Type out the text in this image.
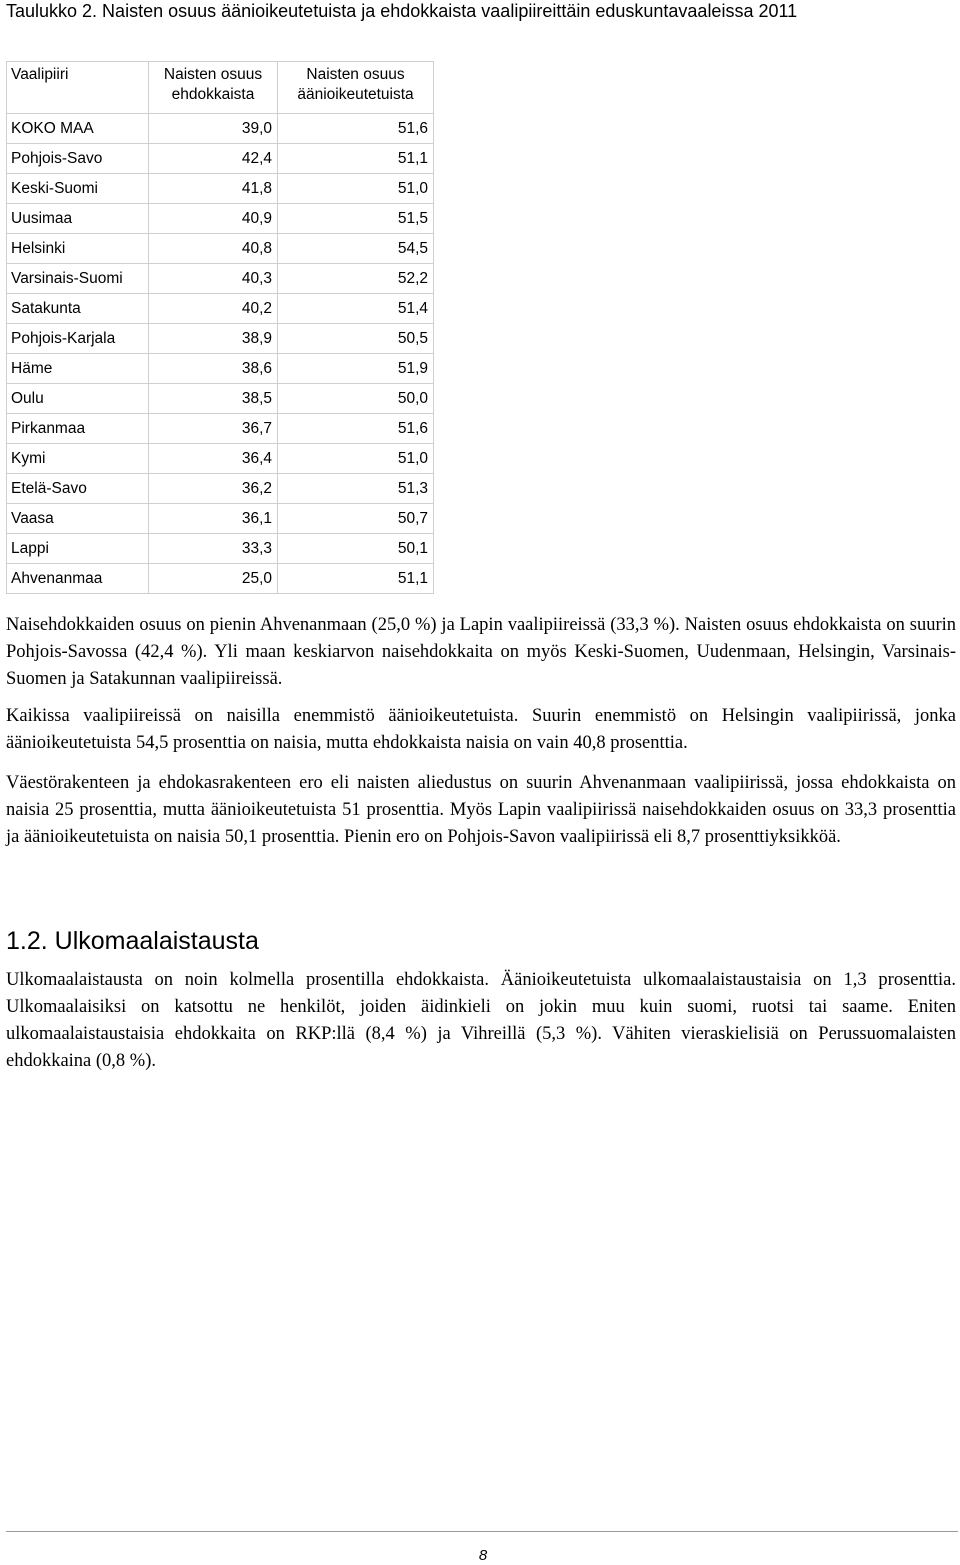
Taulukko 2. Naisten osuus äänioikeutetuista ja ehdokkaista vaalipiireittäin eduskuntavaaleissa 2011
Vaalipiiri	Naisten osuus ehdokkaista	Naisten osuus äänioikeutetuista
KOKO MAA	39,0	51,6
Pohjois-Savo	42,4	51,1
Keski-Suomi	41,8	51,0
Uusimaa	40,9	51,5
Helsinki	40,8	54,5
Varsinais-Suomi	40,3	52,2
Satakunta	40,2	51,4
Pohjois-Karjala	38,9	50,5
Häme	38,6	51,9
Oulu	38,5	50,0
Pirkanmaa	36,7	51,6
Kymi	36,4	51,0
Etelä-Savo	36,2	51,3
Vaasa	36,1	50,7
Lappi	33,3	50,1
Ahvenanmaa	25,0	51,1

Naisehdokkaiden osuus on pienin Ahvenanmaan (25,0 %) ja Lapin vaalipiireissä (33,3 %). Naisten osuus ehdokkaista on suurin Pohjois-Savossa (42,4 %). Yli maan keskiarvon naisehdokkaita on myös Keski-Suomen, Uudenmaan, Helsingin, Varsinais-Suomen ja Satakunnan vaalipiireissä.

Kaikissa vaalipiireissä on naisilla enemmistö äänioikeutetuista. Suurin enemmistö on Helsingin vaalipiirissä, jonka äänioikeutetuista 54,5 prosenttia on naisia, mutta ehdokkaista naisia on vain 40,8 prosenttia.

Väestörakenteen ja ehdokasrakenteen ero eli naisten aliedustus on suurin Ahvenanmaan vaalipiirissä, jossa ehdokkaista on naisia 25 prosenttia, mutta äänioikeutetuista 51 prosenttia. Myös Lapin vaalipiirissä naisehdokkaiden osuus on 33,3 prosenttia ja äänioikeutetuista on naisia 50,1 prosenttia. Pienin ero on Pohjois-Savon vaalipiirissä eli 8,7 prosenttiyksikköä.

1.2. Ulkomaalaistausta

Ulkomaalaistausta on noin kolmella prosentilla ehdokkaista. Äänioikeutetuista ulkomaalaistaustaisia on 1,3 prosenttia. Ulkomaalaisiksi on katsottu ne henkilöt, joiden äidinkieli on jokin muu kuin suomi, ruotsi tai saame. Eniten ulkomaalaistaustaisia ehdokkaita on RKP:llä (8,4 %) ja Vihreillä (5,3 %). Vähiten vieraskielisiä on Perussuomalaisten ehdokkaina (0,8 %).

8
